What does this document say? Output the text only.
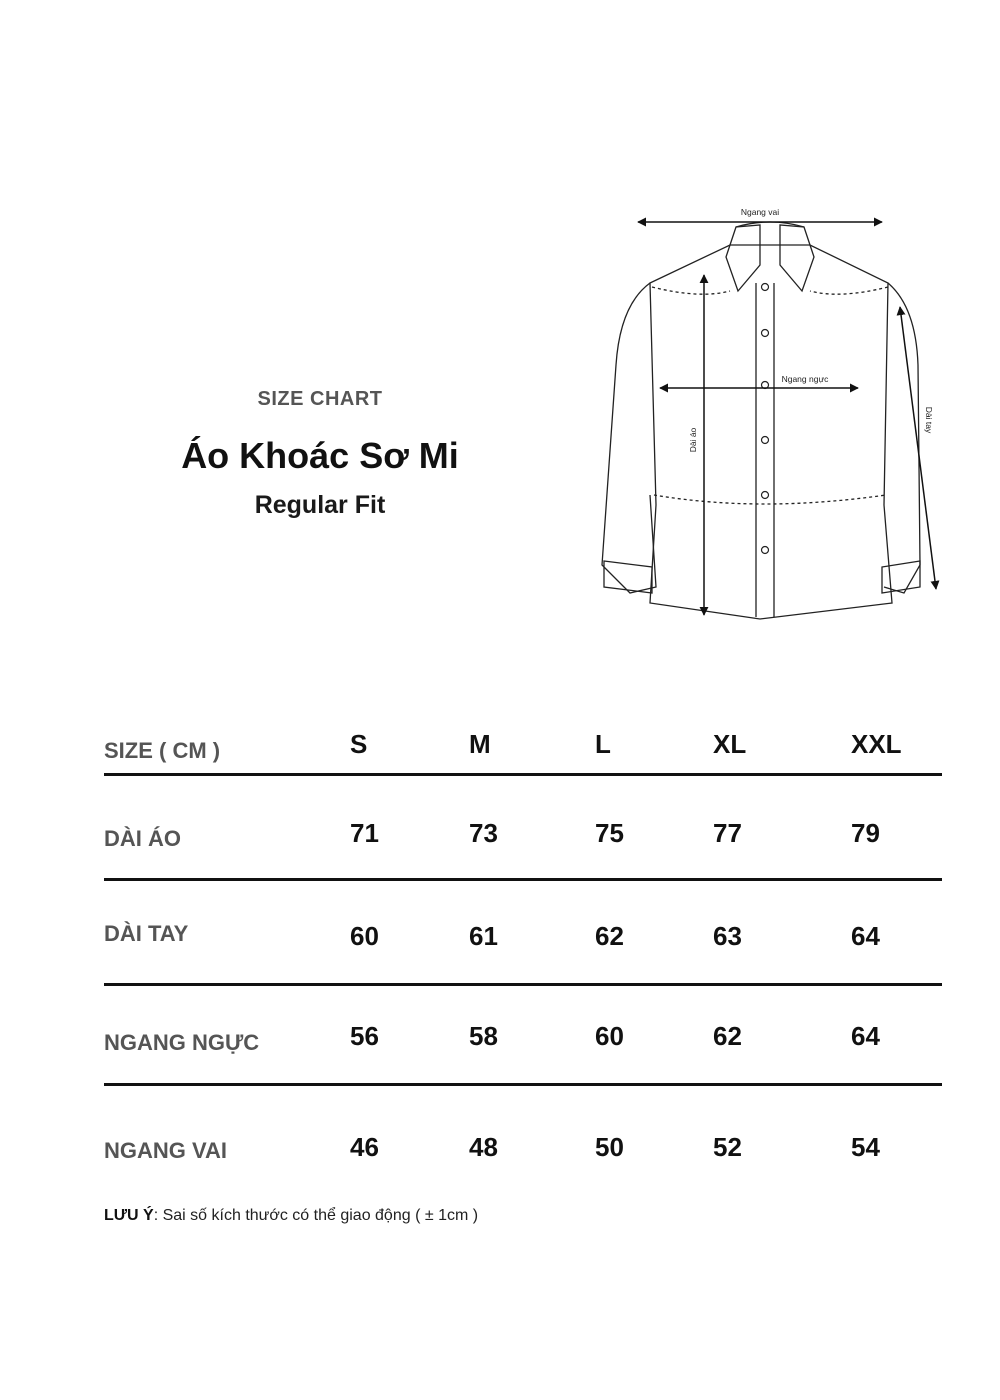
SIZE CHART
Áo Khoác Sơ Mi
Regular Fit
Ngang vai
Ngang ngực
Dài áo
Dài tay
SIZE ( CM )	S	M	L	XL	XXL
DÀI ÁO	71	73	75	77	79
DÀI TAY	60	61	62	63	64
NGANG NGỰC	56	58	60	62	64
NGANG VAI	46	48	50	52	54
LƯU Ý: Sai số kích thước có thể giao động ( ± 1cm )
